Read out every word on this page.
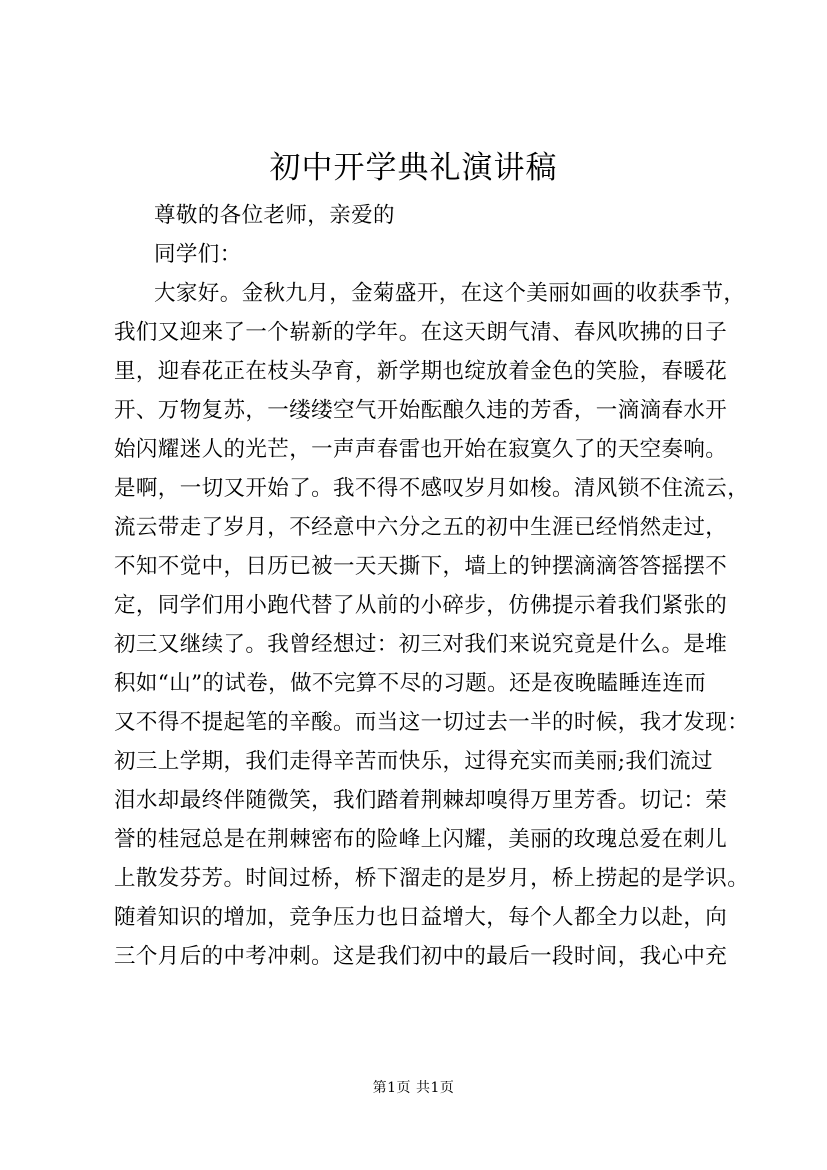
初中开学典礼演讲稿
尊敬的各位老师，亲爱的
同学们：
大家好。金秋九月，金菊盛开，在这个美丽如画的收获季节，
我们又迎来了一个崭新的学年。在这天朗气清、春风吹拂的日子
里，迎春花正在枝头孕育，新学期也绽放着金色的笑脸，春暖花
开、万物复苏，一缕缕空气开始酝酿久违的芳香，一滴滴春水开
始闪耀迷人的光芒，一声声春雷也开始在寂寞久了的天空奏响。
是啊，一切又开始了。我不得不感叹岁月如梭。清风锁不住流云，
流云带走了岁月，不经意中六分之五的初中生涯已经悄然走过，
不知不觉中，日历已被一天天撕下，墙上的钟摆滴滴答答摇摆不
定，同学们用小跑代替了从前的小碎步，仿佛提示着我们紧张的
初三又继续了。我曾经想过：初三对我们来说究竟是什么。是堆
积如“山”的试卷，做不完算不尽的习题。还是夜晚瞌睡连连而
又不得不提起笔的辛酸。而当这一切过去一半的时候，我才发现：
初三上学期，我们走得辛苦而快乐，过得充实而美丽;我们流过
泪水却最终伴随微笑，我们踏着荆棘却嗅得万里芳香。切记：荣
誉的桂冠总是在荆棘密布的险峰上闪耀，美丽的玫瑰总爱在刺儿
上散发芬芳。时间过桥，桥下溜走的是岁月，桥上捞起的是学识。
随着知识的增加，竞争压力也日益增大，每个人都全力以赴，向
三个月后的中考冲刺。这是我们初中的最后一段时间，我心中充
第1页 共1页
